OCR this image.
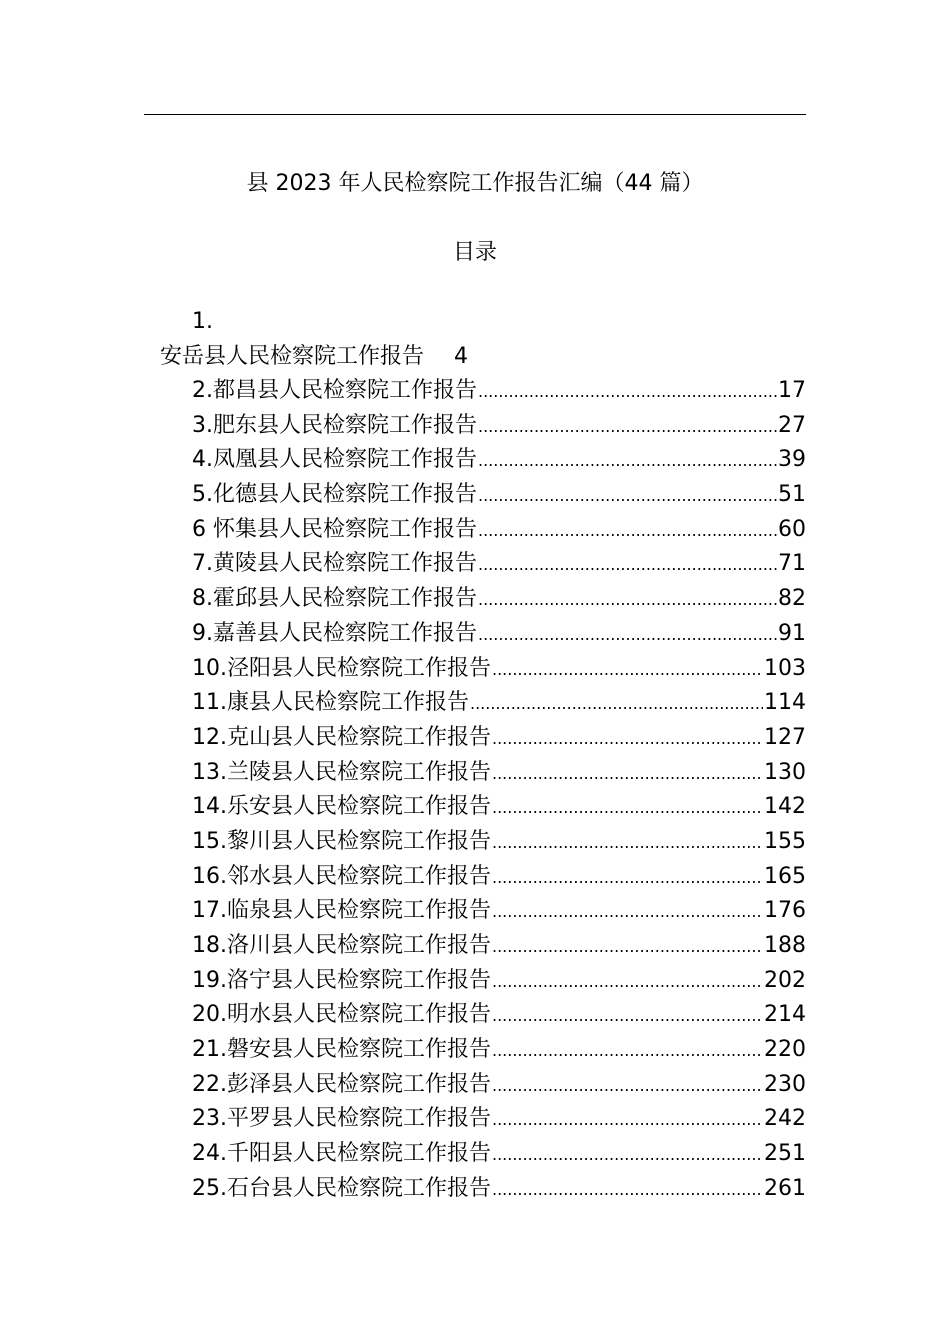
县 2023 年人民检察院工作报告汇编（44 篇）
目录
1.
安岳县人民检察院工作报告 4
2.都昌县人民检察院工作报告 .....	17
3.肥东县人民检察院工作报告 .....	27
4.凤凰县人民检察院工作报告 .....	39
5.化德县人民检察院工作报告 .....	51
6 怀集县人民检察院工作报告 .....	60
7.黄陵县人民检察院工作报告 .....	71
8.霍邱县人民检察院工作报告 .....	82
9.嘉善县人民检察院工作报告 .....	91
10.泾阳县人民检察院工作报告 .....	103
11.康县人民检察院工作报告 .....	114
12.克山县人民检察院工作报告 .....	127
13.兰陵县人民检察院工作报告 .....	130
14.乐安县人民检察院工作报告 .....	142
15.黎川县人民检察院工作报告 .....	155
16.邻水县人民检察院工作报告 .....	165
17.临泉县人民检察院工作报告 .....	176
18.洛川县人民检察院工作报告 .....	188
19.洛宁县人民检察院工作报告 .....	202
20.明水县人民检察院工作报告 .....	214
21.磐安县人民检察院工作报告 .....	220
22.彭泽县人民检察院工作报告 .....	230
23.平罗县人民检察院工作报告 .....	242
24.千阳县人民检察院工作报告 .....	251
25.石台县人民检察院工作报告 .....	261
